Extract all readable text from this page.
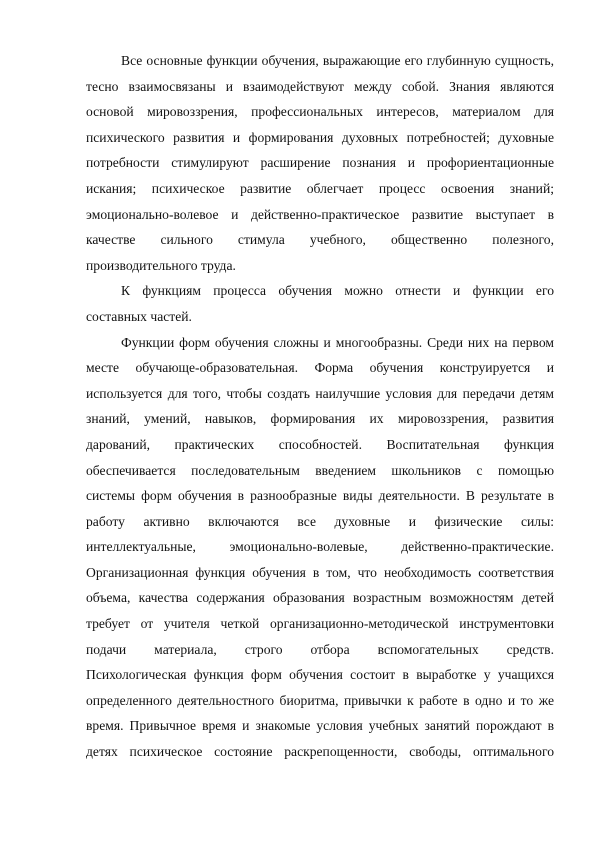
Все основные функции обучения, выражающие его глубинную сущность,
тесно взаимосвязаны и взаимодействуют между собой. Знания являются
основой мировоззрения, профессиональных интересов, материалом для
психического развития и формирования духовных потребностей; духовные
потребности стимулируют расширение познания и профориентационные
искания; психическое развитие облегчает процесс освоения знаний;
эмоционально-волевое и действенно-практическое развитие выступает в
качестве сильного стимула учебного, общественно полезного,
производительного труда.

К функциям процесса обучения можно отнести и функции его
составных частей.

Функции форм обучения сложны и многообразны. Среди них на первом
месте обучающе-образовательная. Форма обучения конструируется и
используется для того, чтобы создать наилучшие условия для передачи детям
знаний, умений, навыков, формирования их мировоззрения, развития
дарований, практических способностей. Воспитательная функция
обеспечивается последовательным введением школьников с помощью
системы форм обучения в разнообразные виды деятельности. В результате в
работу активно включаются все духовные и физические силы:
интеллектуальные, эмоционально-волевые, действенно-практические.
Организационная функция обучения в том, что необходимость соответствия
объема, качества содержания образования возрастным возможностям детей
требует от учителя четкой организационно-методической инструментовки
подачи материала, строго отбора вспомогательных средств.
Психологическая функция форм обучения состоит в выработке у учащихся
определенного деятельностного биоритма, привычки к работе в одно и то же
время. Привычное время и знакомые условия учебных занятий порождают в
детях психическое состояние раскрепощенности, свободы, оптимального
